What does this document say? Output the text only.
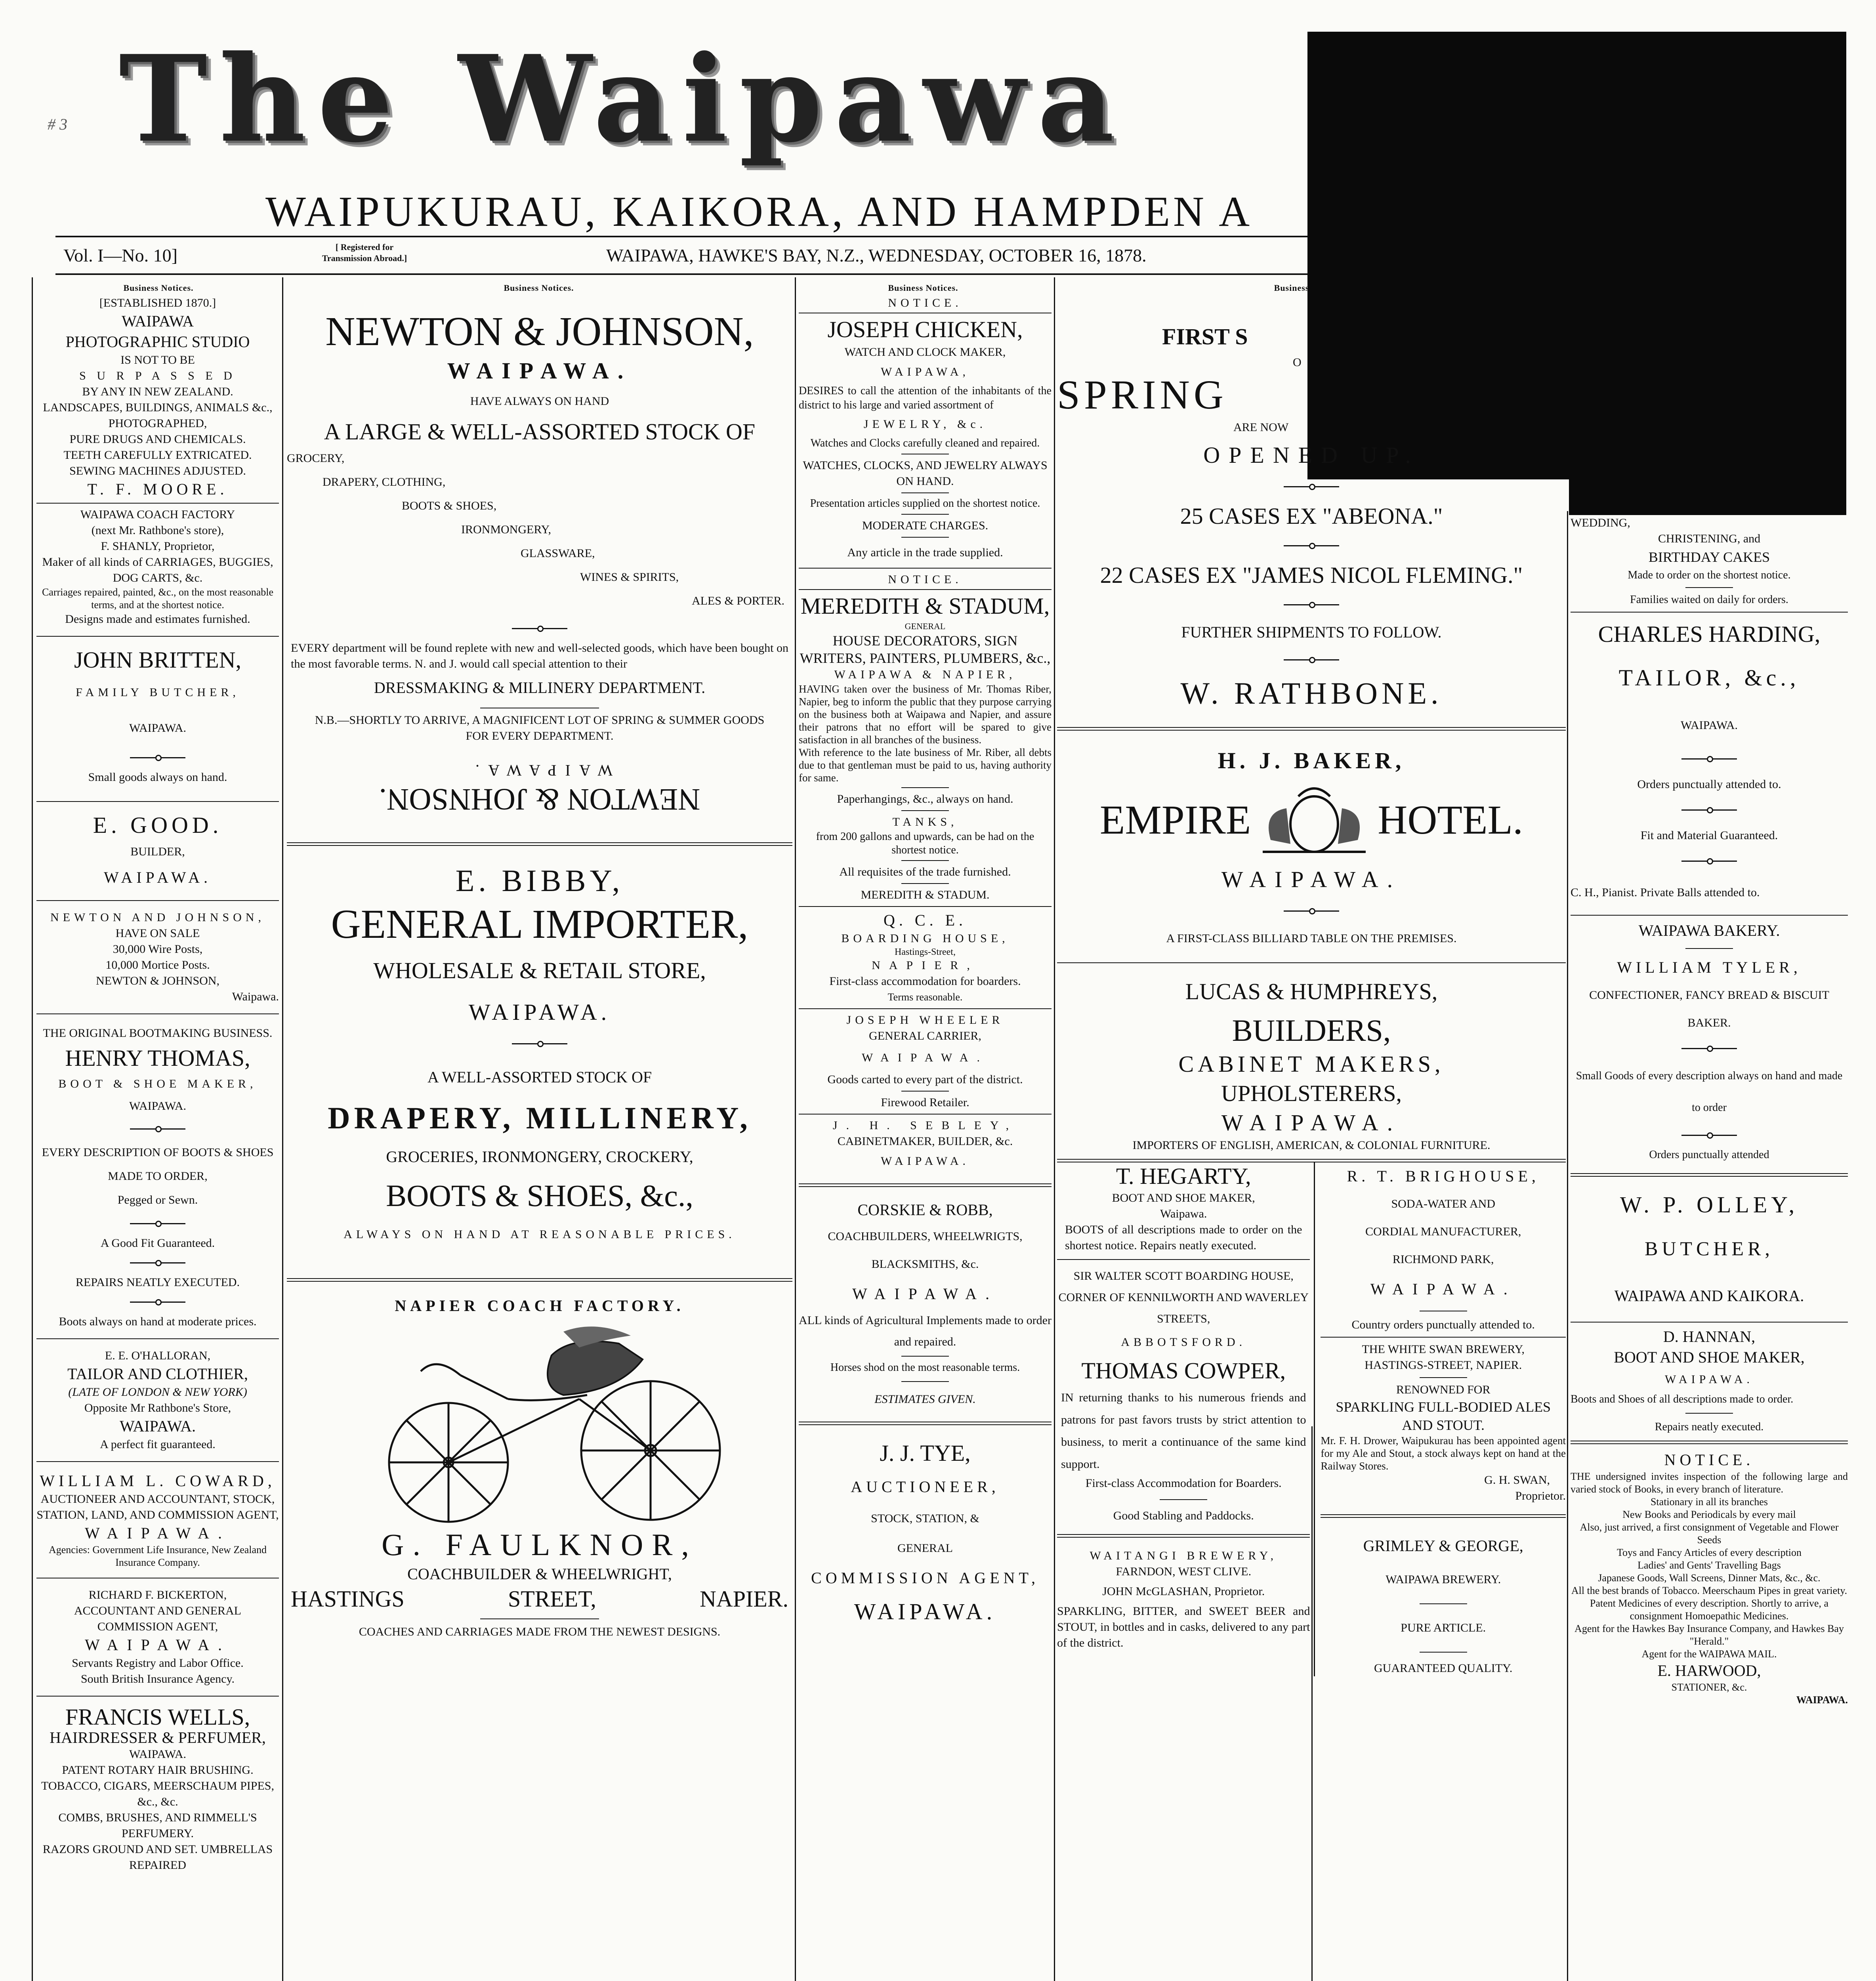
# 3 The Waipawa
WAIPUKURAU, KAIKORA, AND HAMPDEN A
Vol. I—No. 10]	[ Registered for
Transmission Abroad.]	WAIPAWA, HAWKE'S BAY, N.Z., WEDNESDAY, OCTOBER 16, 1878.
Business Notices.	Business Notices.	Business Notices.	Business
[ESTABLISHED 1870.]
WAIPAWA
PHOTOGRAPHIC STUDIO
IS NOT TO BE
S U R P A S S E D
BY ANY IN NEW ZEALAND.
LANDSCAPES, BUILDINGS, ANIMALS &c., PHOTOGRAPHED,
PURE DRUGS AND CHEMICALS.
TEETH CAREFULLY EXTRICATED.
SEWING MACHINES ADJUSTED.
T. F. MOORE.
WAIPAWA COACH FACTORY
(next Mr. Rathbone's store),
F. SHANLY, Proprietor,
Maker of all kinds of CARRIAGES, BUGGIES, DOG CARTS, &c.
Carriages repaired, painted, &c., on the most reasonable terms, and at the shortest notice.
Designs made and estimates furnished.
JOHN BRITTEN,
FAMILY BUTCHER,
WAIPAWA.
Small goods always on hand.
E. GOOD.
BUILDER,
WAIPAWA.
NEWTON AND JOHNSON,
HAVE ON SALE
30,000 Wire Posts,
10,000 Mortice Posts.
NEWTON & JOHNSON,
Waipawa.
THE ORIGINAL BOOTMAKING BUSINESS.
HENRY THOMAS,
BOOT & SHOE MAKER,
WAIPAWA.
EVERY DESCRIPTION OF BOOTS & SHOES MADE TO ORDER,
Pegged or Sewn.
A Good Fit Guaranteed.
REPAIRS NEATLY EXECUTED.
Boots always on hand at moderate prices.
E. E. O'HALLORAN,
TAILOR AND CLOTHIER,
(LATE OF LONDON & NEW YORK)
Opposite Mr Rathbone's Store,
WAIPAWA.
A perfect fit guaranteed.
WILLIAM L. COWARD,
AUCTIONEER AND ACCOUNTANT, STOCK, STATION, LAND, AND COMMISSION AGENT,
WAIPAWA.
Agencies: Government Life Insurance, New Zealand Insurance Company.
RICHARD F. BICKERTON,
ACCOUNTANT AND GENERAL COMMISSION AGENT,
WAIPAWA.
Servants Registry and Labor Office.
South British Insurance Agency.
FRANCIS WELLS,
HAIRDRESSER & PERFUMER,
WAIPAWA.
PATENT ROTARY HAIR BRUSHING.
TOBACCO, CIGARS, MEERSCHAUM PIPES, &c., &c.
COMBS, BRUSHES, AND RIMMELL'S PERFUMERY.
RAZORS GROUND AND SET. UMBRELLAS REPAIRED
NEWTON & JOHNSON,
WAIPAWA.
HAVE ALWAYS ON HAND
A LARGE & WELL-ASSORTED STOCK OF
GROCERY,
DRAPERY, CLOTHING,
BOOTS & SHOES,
IRONMONGERY,
GLASSWARE,
WINES & SPIRITS,
ALES & PORTER.
EVERY department will be found replete with new and well-selected goods, which have been bought on the most favorable terms. N. and J. would call special attention to their
DRESSMAKING & MILLINERY DEPARTMENT.
N.B.—SHORTLY TO ARRIVE, A MAGNIFICENT LOT OF SPRING & SUMMER GOODS FOR EVERY DEPARTMENT.
NEWTON & JOHNSON.
WAIPAWA.
E. BIBBY,
GENERAL IMPORTER,
WHOLESALE & RETAIL STORE,
WAIPAWA.
A WELL-ASSORTED STOCK OF
DRAPERY, MILLINERY,
GROCERIES, IRONMONGERY, CROCKERY,
BOOTS & SHOES, &c.,
ALWAYS ON HAND AT REASONABLE PRICES.
NAPIER COACH FACTORY.
G. FAULKNOR,
COACHBUILDER & WHEELWRIGHT,
HASTINGS	STREET,	NAPIER.
COACHES AND CARRIAGES MADE FROM THE NEWEST DESIGNS.
NOTICE.
JOSEPH CHICKEN,
WATCH AND CLOCK MAKER,
WAIPAWA,
DESIRES to call the attention of the inhabitants of the district to his large and varied assortment of
JEWELRY, &c.
Watches and Clocks carefully cleaned and repaired.
WATCHES, CLOCKS, AND JEWELRY ALWAYS ON HAND.
Presentation articles supplied on the shortest notice.
MODERATE CHARGES.
Any article in the trade supplied.
NOTICE.
MEREDITH & STADUM,
GENERAL
HOUSE DECORATORS, SIGN WRITERS, PAINTERS, PLUMBERS, &c.,
WAIPAWA & NAPIER,
HAVING taken over the business of Mr. Thomas Riber, Napier, beg to inform the public that they purpose carrying on the business both at Waipawa and Napier, and assure their patrons that no effort will be spared to give satisfaction in all branches of the business.
With reference to the late business of Mr. Riber, all debts due to that gentleman must be paid to us, having authority for same.
Paperhangings, &c., always on hand.
TANKS,
from 200 gallons and upwards, can be had on the shortest notice.
All requisites of the trade furnished.
MEREDITH & STADUM.
Q. C. E.
BOARDING HOUSE,
Hastings-Street,
NAPIER,
First-class accommodation for boarders.
Terms reasonable.
JOSEPH WHEELER
GENERAL CARRIER,
WAIPAWA.
Goods carted to every part of the district.
Firewood Retailer.
J. H. SEBLEY,
CABINETMAKER, BUILDER, &c.
WAIPAWA.
CORSKIE & ROBB,
COACHBUILDERS, WHEELWRIGTS,
BLACKSMITHS, &c.
WAIPAWA.
ALL kinds of Agricultural Implements made to order and repaired.
Horses shod on the most reasonable terms.
ESTIMATES GIVEN.
J. J. TYE,
AUCTIONEER,
STOCK, STATION, &
GENERAL
COMMISSION AGENT,
WAIPAWA.
FIRST S
O
SPRING
ARE NOW
OPENED UP.
25 CASES EX "ABEONA."
22 CASES EX "JAMES NICOL FLEMING."
FURTHER SHIPMENTS TO FOLLOW.
W. RATHBONE.
H. J. BAKER,
EMPIRE	HOTEL.
WAIPAWA.
A FIRST-CLASS BILLIARD TABLE ON THE PREMISES.
LUCAS & HUMPHREYS,
BUILDERS,
CABINET MAKERS,
UPHOLSTERERS,
WAIPAWA.
IMPORTERS OF ENGLISH, AMERICAN, & COLONIAL FURNITURE.
T. HEGARTY,
BOOT AND SHOE MAKER,
Waipawa.
BOOTS of all descriptions made to order on the shortest notice. Repairs neatly executed.
SIR WALTER SCOTT BOARDING HOUSE,
CORNER OF KENNILWORTH AND WAVERLEY STREETS,
ABBOTSFORD.
THOMAS COWPER,
IN returning thanks to his numerous friends and patrons for past favors trusts by strict attention to business, to merit a continuance of the same kind support.
First-class Accommodation for Boarders.
Good Stabling and Paddocks.
WAITANGI BREWERY,
FARNDON, WEST CLIVE.
JOHN McGLASHAN, Proprietor.
SPARKLING, BITTER, and SWEET BEER and STOUT, in bottles and in casks, delivered to any part of the district.
R. T. BRIGHOUSE,
SODA-WATER AND
CORDIAL MANUFACTURER,
RICHMOND PARK,
WAIPAWA.
Country orders punctually attended to.
THE WHITE SWAN BREWERY,
HASTINGS-STREET, NAPIER.
RENOWNED FOR
SPARKLING FULL-BODIED ALES AND STOUT.
Mr. F. H. Drower, Waipukurau has been appointed agent for my Ale and Stout, a stock always kept on hand at the Railway Stores.
G. H. SWAN,
Proprietor.
GRIMLEY & GEORGE,
WAIPAWA BREWERY.
PURE ARTICLE.
GUARANTEED QUALITY.
WEDDING,
CHRISTENING, and
BIRTHDAY CAKES
Made to order on the shortest notice.
Families waited on daily for orders.
CHARLES HARDING,
TAILOR, &c.,
WAIPAWA.
Orders punctually attended to.
Fit and Material Guaranteed.
C. H., Pianist. Private Balls attended to.
WAIPAWA BAKERY.
WILLIAM TYLER,
CONFECTIONER, FANCY BREAD & BISCUIT BAKER.
Small Goods of every description always on hand and made to order
Orders punctually attended
W. P. OLLEY,
BUTCHER,
WAIPAWA AND KAIKORA.
D. HANNAN,
BOOT AND SHOE MAKER,
WAIPAWA.
Boots and Shoes of all descriptions made to order.
Repairs neatly executed.
NOTICE.
THE undersigned invites inspection of the following large and varied stock of Books, in every branch of literature.
Stationary in all its branches
New Books and Periodicals by every mail
Also, just arrived, a first consignment of Vegetable and Flower Seeds
Toys and Fancy Articles of every description
Ladies' and Gents' Travelling Bags
Japanese Goods, Wall Screens, Dinner Mats, &c., &c.
All the best brands of Tobacco. Meerschaum Pipes in great variety.
Patent Medicines of every description. Shortly to arrive, a consignment Homoepathic Medicines.
Agent for the Hawkes Bay Insurance Company, and Hawkes Bay "Herald."
Agent for the WAIPAWA MAIL.
E. HARWOOD,
STATIONER, &c.
WAIPAWA.
